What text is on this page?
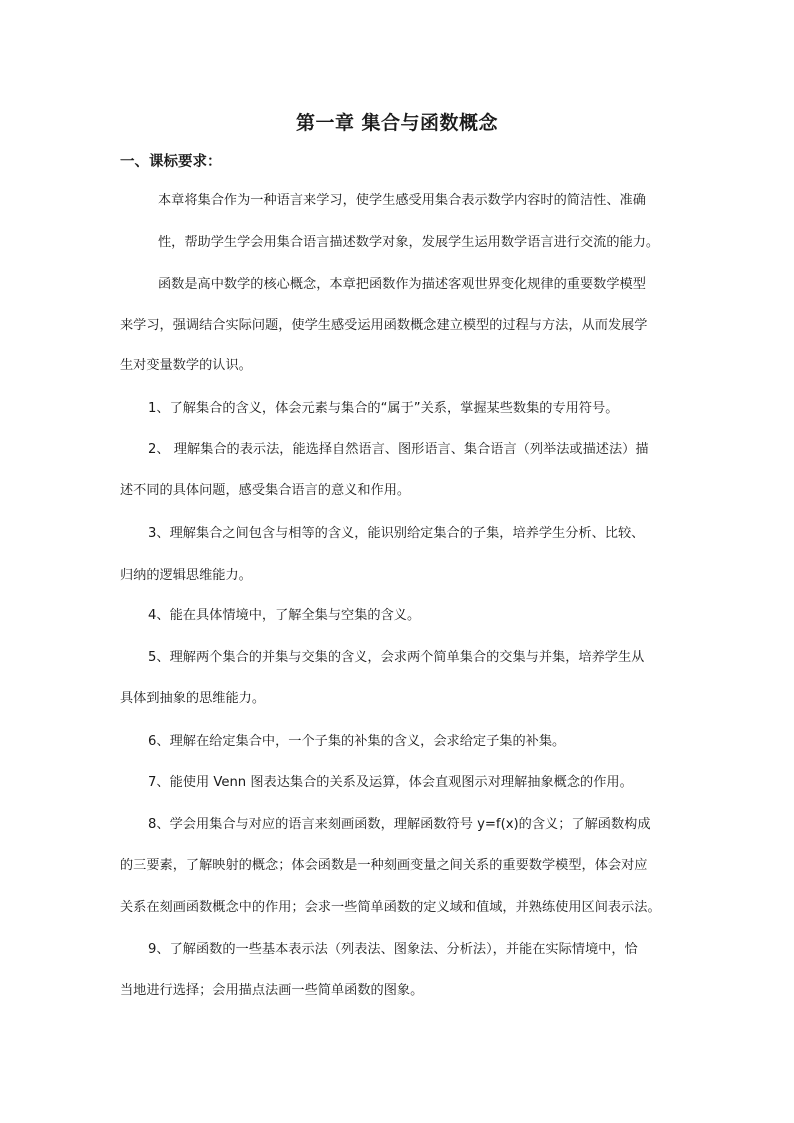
第一章 集合与函数概念
一、课标要求：
本章将集合作为一种语言来学习，使学生感受用集合表示数学内容时的简洁性、准确
性，帮助学生学会用集合语言描述数学对象，发展学生运用数学语言进行交流的能力。
函数是高中数学的核心概念，本章把函数作为描述客观世界变化规律的重要数学模型
来学习，强调结合实际问题，使学生感受运用函数概念建立模型的过程与方法，从而发展学
生对变量数学的认识。
1、了解集合的含义，体会元素与集合的“属于”关系，掌握某些数集的专用符号。
2、 理解集合的表示法，能选择自然语言、图形语言、集合语言（列举法或描述法）描
述不同的具体问题，感受集合语言的意义和作用。
3、理解集合之间包含与相等的含义，能识别给定集合的子集，培养学生分析、比较、
归纳的逻辑思维能力。
4、能在具体情境中，了解全集与空集的含义。
5、理解两个集合的并集与交集的含义，会求两个简单集合的交集与并集，培养学生从
具体到抽象的思维能力。
6、理解在给定集合中，一个子集的补集的含义，会求给定子集的补集。
7、能使用 Venn 图表达集合的关系及运算，体会直观图示对理解抽象概念的作用。
8、学会用集合与对应的语言来刻画函数，理解函数符号 y=f(x)的含义；了解函数构成
的三要素，了解映射的概念；体会函数是一种刻画变量之间关系的重要数学模型，体会对应
关系在刻画函数概念中的作用；会求一些简单函数的定义域和值域，并熟练使用区间表示法。
9、了解函数的一些基本表示法（列表法、图象法、分析法），并能在实际情境中，恰
当地进行选择；会用描点法画一些简单函数的图象。
